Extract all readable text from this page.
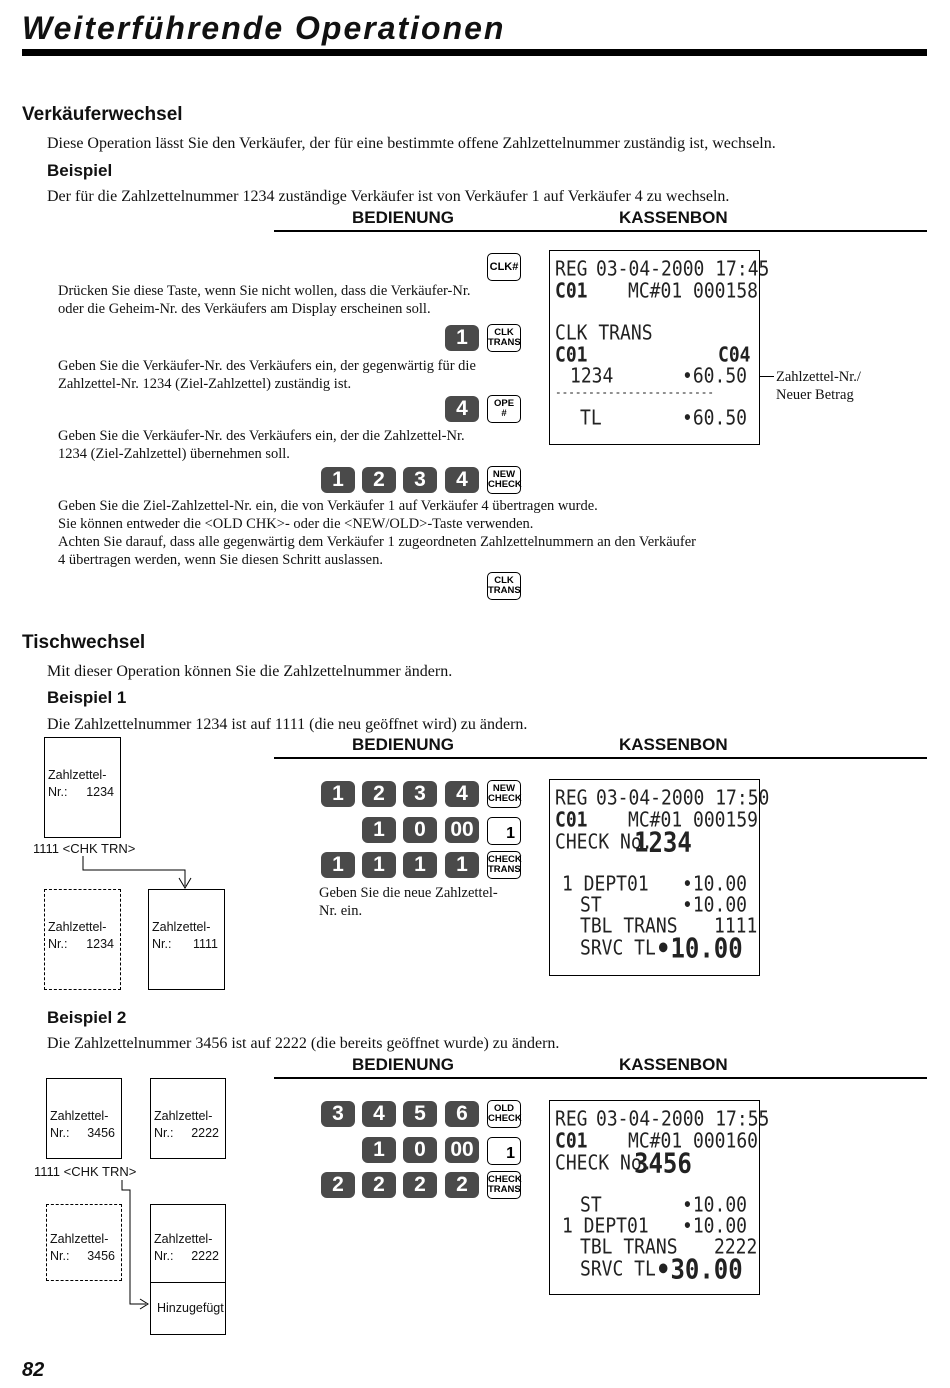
Weiterführende Operationen
Verkäuferwechsel
Diese Operation lässt Sie den Verkäufer, der für eine bestimmte offene Zahlzettelnummer zuständig ist, wechseln.
Beispiel
Der für die Zahlzettelnummer 1234 zuständige Verkäufer ist von Verkäufer 1 auf Verkäufer 4 zu wechseln.
BEDIENUNG	KASSENBON
CLK#
Drücken Sie diese Taste, wenn Sie nicht wollen, dass die Verkäufer-Nr.
oder die Geheim-Nr. des Verkäufers am Display erscheinen soll.
1	CLK
TRANS
Geben Sie die Verkäufer-Nr. des Verkäufers ein, der gegenwärtig für die
Zahlzettel-Nr. 1234 (Ziel-Zahlzettel) zuständig ist.
4	OPE
#
Geben Sie die Verkäufer-Nr. des Verkäufers ein, der die Zahlzettel-Nr.
1234 (Ziel-Zahlzettel) übernehmen soll.
1	2	3	4	NEW
CHECK
Geben Sie die Ziel-Zahlzettel-Nr. ein, die von Verkäufer 1 auf Verkäufer 4 übertragen wurde.
Sie können entweder die <OLD CHK>- oder die <NEW/OLD>-Taste verwenden.
Achten Sie darauf, dass alle gegenwärtig dem Verkäufer 1 zugeordneten Zahlzettelnummern an den Verkäufer
4 übertragen werden, wenn Sie diesen Schritt auslassen.
CLK
TRANS
REG 03-04-2000 17:45
C01 MC#01 000158
CLK TRANS
C01	C04
1234	•60.50
------------------------
TL	•60.50
Zahlzettel-Nr./
Neuer Betrag
Tischwechsel
Mit dieser Operation können Sie die Zahlzettelnummer ändern.
Beispiel 1
Die Zahlzettelnummer 1234 ist auf 1111 (die neu geöffnet wird) zu ändern.
BEDIENUNG	KASSENBON
Zahlzettel-Nr.:	1234
1111 <CHK TRN>
Zahlzettel-Nr.:	1234
Zahlzettel-Nr.:	1111
1	2	3	4	NEW
CHECK
1	0	00	1
1	1	1	1	CHECK
TRANS
Geben Sie die neue Zahlzettel-
Nr. ein.
REG 03-04-2000 17:50
C01 MC#01 000159
CHECK No.
1234
1 DEPT01 •10.00
ST	•10.00
TBL TRANS 1111
SRVC TL •10.00
Beispiel 2
Die Zahlzettelnummer 3456 ist auf 2222 (die bereits geöffnet wurde) zu ändern.
BEDIENUNG	KASSENBON
Zahlzettel-Nr.:	3456
Zahlzettel-Nr.:	2222
1111 <CHK TRN>
Zahlzettel-Nr.:	3456
Zahlzettel-Nr.:	2222
Hinzugefügt
3	4	5	6	OLD
CHECK
1	0	00	1
2	2	2	2	CHECK
TRANS
REG 03-04-2000 17:55
C01 MC#01 000160
CHECK No.
3456
ST	•10.00
1 DEPT01 •10.00
TBL TRANS 2222
SRVC TL •30.00
82
